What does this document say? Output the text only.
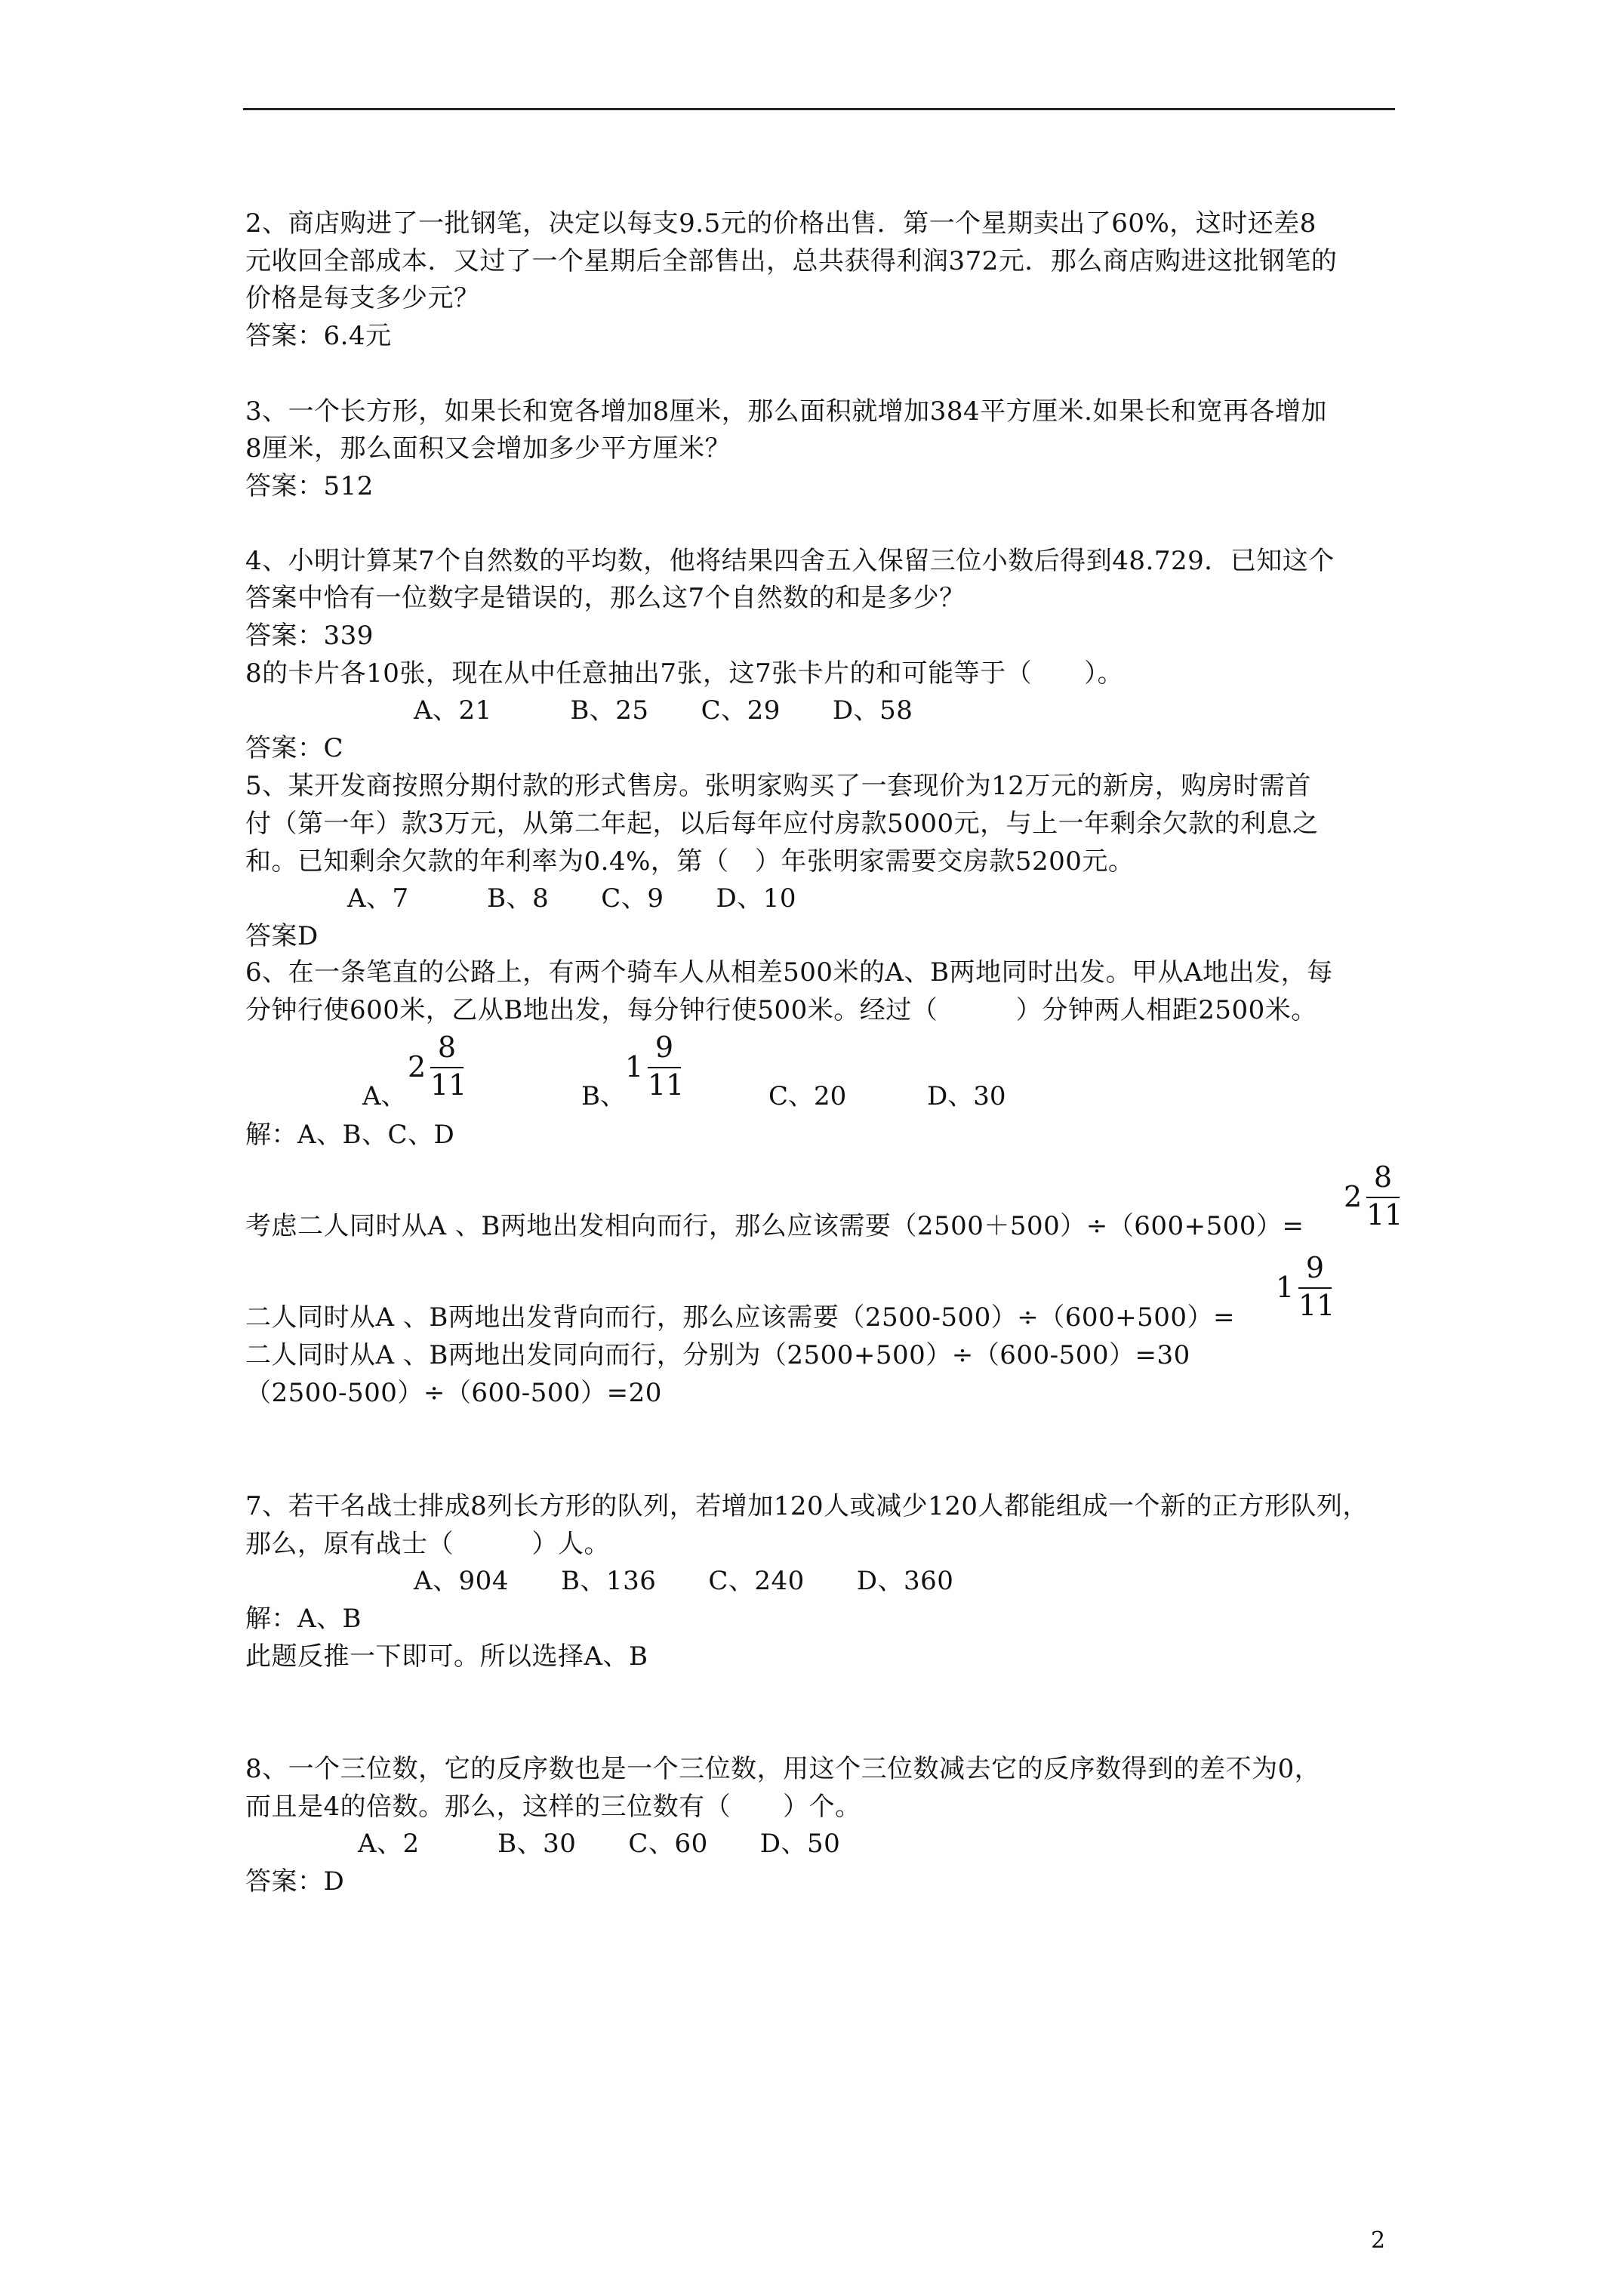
2、商店购进了一批钢笔，决定以每支9.5元的价格出售．第一个星期卖出了60%，这时还差8
元收回全部成本．又过了一个星期后全部售出，总共获得利润372元．那么商店购进这批钢笔的
价格是每支多少元？
答案：6.4元
3、一个长方形，如果长和宽各增加8厘米，那么面积就增加384平方厘米.如果长和宽再各增加
8厘米，那么面积又会增加多少平方厘米？
答案：512
4、小明计算某7个自然数的平均数，他将结果四舍五入保留三位小数后得到48.729．已知这个
答案中恰有一位数字是错误的，那么这7个自然数的和是多少？
答案：339
8的卡片各10张，现在从中任意抽出7张，这7张卡片的和可能等于（　　）。
A、21　　　B、25　　C、29　　D、58
答案：C
5、某开发商按照分期付款的形式售房。张明家购买了一套现价为12万元的新房，购房时需首
付（第一年）款3万元，从第二年起，以后每年应付房款5000元，与上一年剩余欠款的利息之
和。已知剩余欠款的年利率为0.4%，第（　）年张明家需要交房款5200元。
A、7　　　B、8　　C、9　　D、10
答案D
6、在一条笔直的公路上，有两个骑车人从相差500米的A、B两地同时出发。甲从A地出发，每
分钟行使600米，乙从B地出发，每分钟行使500米。经过（　　　）分钟两人相距2500米。
A、
2
8
11	B、
1
9
11	C、20	D、30
解：A、B、C、D
考虑二人同时从A 、B两地出发相向而行，那么应该需要（2500＋500）÷（600+500）=
2
8
11
二人同时从A 、B两地出发背向而行，那么应该需要（2500-500）÷（600+500）=
1
9
11
二人同时从A 、B两地出发同向而行，分别为（2500+500）÷（600-500）=30
（2500-500）÷（600-500）=20
7、若干名战士排成8列长方形的队列，若增加120人或减少120人都能组成一个新的正方形队列，
那么，原有战士（　　　）人。
A、904　　B、136　　C、240　　D、360
解：A、B
此题反推一下即可。所以选择A、B
8、一个三位数，它的反序数也是一个三位数，用这个三位数减去它的反序数得到的差不为0，
而且是4的倍数。那么，这样的三位数有（　　）个。
A、2　　　B、30　　C、60　　D、50
答案：D
2
